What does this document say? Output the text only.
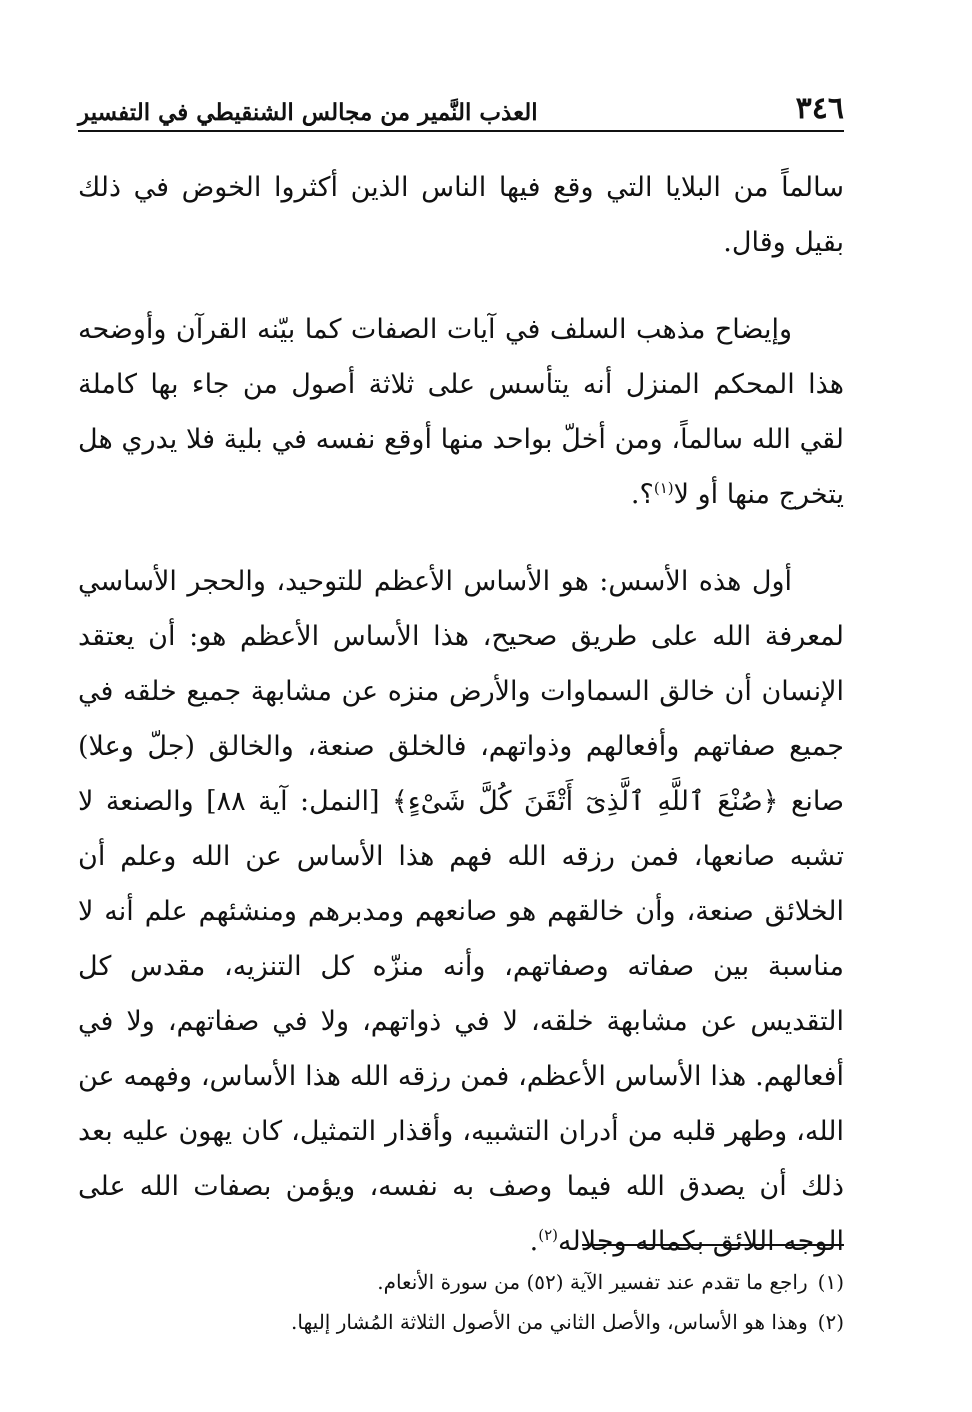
٣٤٦
العذب النَّمير من مجالس الشنقيطي في التفسير

سالماً من البلايا التي وقع فيها الناس الذين أكثروا الخوض في ذلك بقيل وقال.

وإيضاح مذهب السلف في آيات الصفات كما بيّنه القرآن وأوضحه هذا المحكم المنزل أنه يتأسس على ثلاثة أصول من جاء بها كاملة لقي الله سالماً، ومن أخلّ بواحد منها أوقع نفسه في بلية فلا يدري هل يتخرج منها أو لا$^{(١)}$؟.

أول هذه الأسس: هو الأساس الأعظم للتوحيد، والحجر الأساسي لمعرفة الله على طريق صحيح، هذا الأساس الأعظم هو: أن يعتقد الإنسان أن خالق السماوات والأرض منزه عن مشابهة جميع خلقه في جميع صفاتهم وأفعالهم وذواتهم، فالخلق صنعة، والخالق (جلّ وعلا) صانع ﴿صُنْعَ ٱللَّهِ ٱلَّذِىٓ أَتْقَنَ كُلَّ شَىْءٍ﴾ [النمل: آية ٨٨] والصنعة لا تشبه صانعها، فمن رزقه الله فهم هذا الأساس عن الله وعلم أن الخلائق صنعة، وأن خالقهم هو صانعهم ومدبرهم ومنشئهم علم أنه لا مناسبة بين صفاته وصفاتهم، وأنه منزّه كل التنزيه، مقدس كل التقديس عن مشابهة خلقه، لا في ذواتهم، ولا في صفاتهم، ولا في أفعالهم. هذا الأساس الأعظم، فمن رزقه الله هذا الأساس، وفهمه عن الله، وطهر قلبه من أدران التشبيه، وأقذار التمثيل، كان يهون عليه بعد ذلك أن يصدق الله فيما وصف به نفسه، ويؤمن بصفات الله على الوجه اللائق بكماله وجلاله$^{(٢)}$.

(١)راجع ما تقدم عند تفسير الآية (٥٢) من سورة الأنعام.

(٢)وهذا هو الأساس، والأصل الثاني من الأصول الثلاثة المُشار إليها.
